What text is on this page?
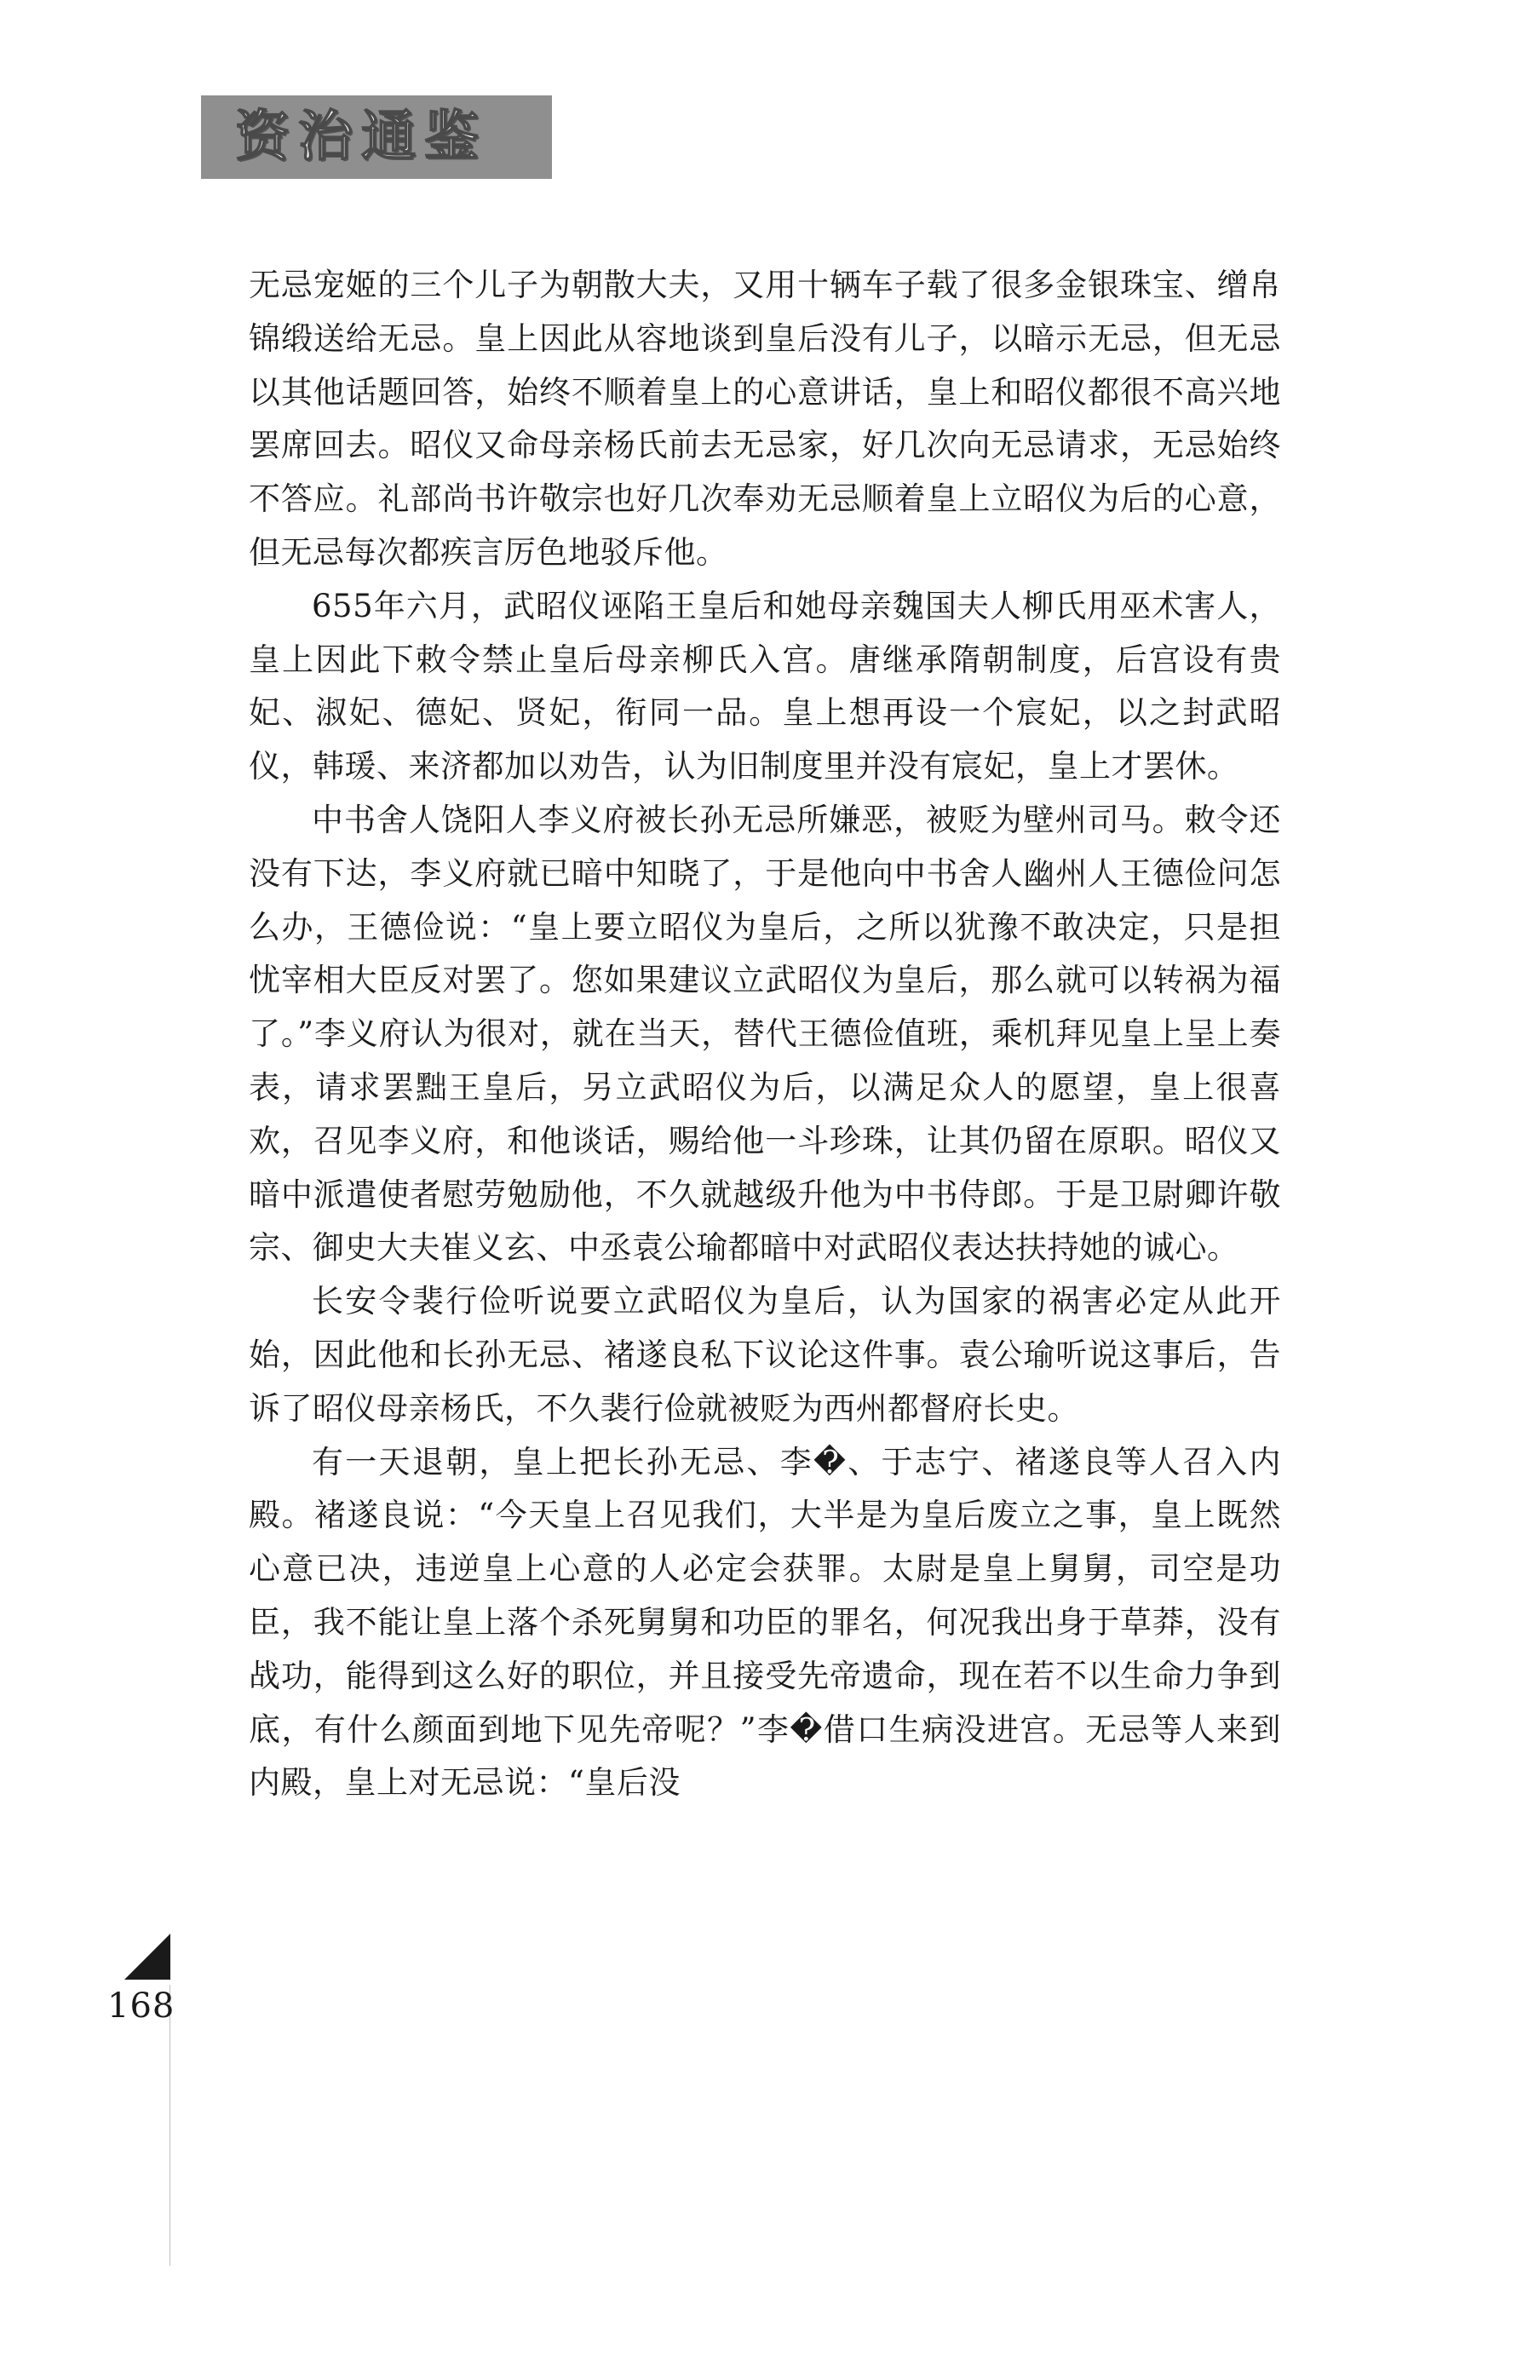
资治通鉴

无忌宠姬的三个儿子为朝散大夫，又用十辆车子载了很多金银珠宝、缯帛锦缎送给无忌。皇上因此从容地谈到皇后没有儿子，以暗示无忌，但无忌以其他话题回答，始终不顺着皇上的心意讲话，皇上和昭仪都很不高兴地罢席回去。昭仪又命母亲杨氏前去无忌家，好几次向无忌请求，无忌始终不答应。礼部尚书许敬宗也好几次奉劝无忌顺着皇上立昭仪为后的心意，但无忌每次都疾言厉色地驳斥他。

655年六月，武昭仪诬陷王皇后和她母亲魏国夫人柳氏用巫术害人，皇上因此下敕令禁止皇后母亲柳氏入宫。唐继承隋朝制度，后宫设有贵妃、淑妃、德妃、贤妃，衔同一品。皇上想再设一个宸妃，以之封武昭仪，韩瑗、来济都加以劝告，认为旧制度里并没有宸妃，皇上才罢休。

中书舍人饶阳人李义府被长孙无忌所嫌恶，被贬为壁州司马。敕令还没有下达，李义府就已暗中知晓了，于是他向中书舍人幽州人王德俭问怎么办，王德俭说：“皇上要立昭仪为皇后，之所以犹豫不敢决定，只是担忧宰相大臣反对罢了。您如果建议立武昭仪为皇后，那么就可以转祸为福了。”李义府认为很对，就在当天，替代王德俭值班，乘机拜见皇上呈上奏表，请求罢黜王皇后，另立武昭仪为后，以满足众人的愿望，皇上很喜欢，召见李义府，和他谈话，赐给他一斗珍珠，让其仍留在原职。昭仪又暗中派遣使者慰劳勉励他，不久就越级升他为中书侍郎。于是卫尉卿许敬宗、御史大夫崔义玄、中丞袁公瑜都暗中对武昭仪表达扶持她的诚心。

长安令裴行俭听说要立武昭仪为皇后，认为国家的祸害必定从此开始，因此他和长孙无忌、褚遂良私下议论这件事。袁公瑜听说这事后，告诉了昭仪母亲杨氏，不久裴行俭就被贬为西州都督府长史。

有一天退朝，皇上把长孙无忌、李�、于志宁、褚遂良等人召入内殿。褚遂良说：“今天皇上召见我们，大半是为皇后废立之事，皇上既然心意已决，违逆皇上心意的人必定会获罪。太尉是皇上舅舅，司空是功臣，我不能让皇上落个杀死舅舅和功臣的罪名，何况我出身于草莽，没有战功，能得到这么好的职位，并且接受先帝遗命，现在若不以生命力争到底，有什么颜面到地下见先帝呢？”李�借口生病没进宫。无忌等人来到内殿，皇上对无忌说：“皇后没

168
